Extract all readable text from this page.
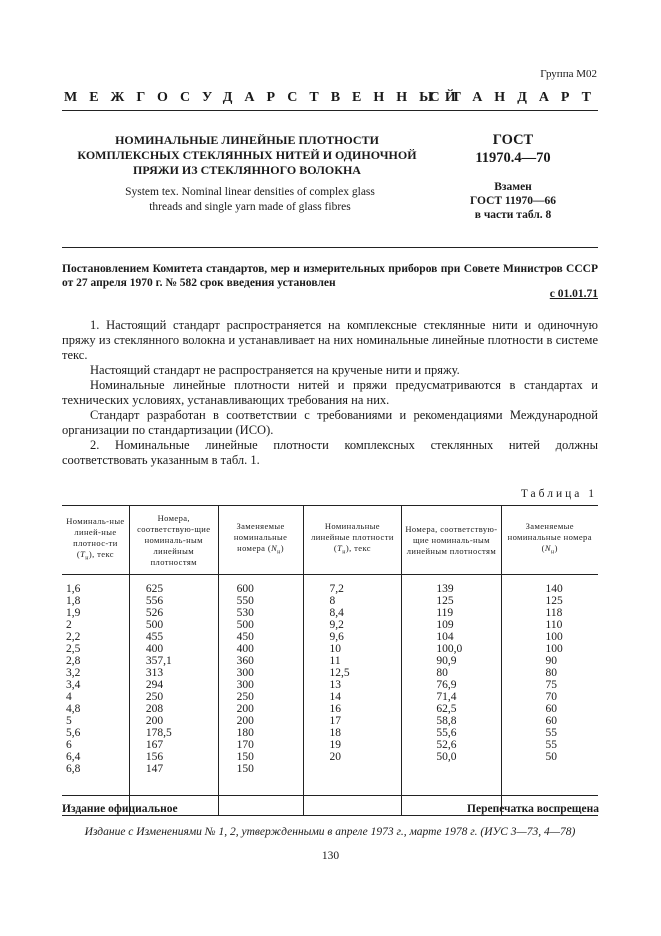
Группа М02
МЕЖГОСУДАРСТВЕННЫЙ
СТАНДАРТ
НОМИНАЛЬНЫЕ ЛИНЕЙНЫЕ ПЛОТНОСТИ
КОМПЛЕКСНЫХ СТЕКЛЯННЫХ НИТЕЙ И ОДИНОЧНОЙ
ПРЯЖИ ИЗ СТЕКЛЯННОГО ВОЛОКНА
System tex. Nominal linear densities of complex glass
threads and single yarn made of glass fibres
ГОСТ
11970.4—70
Взамен
ГОСТ 11970—66
в части табл. 8
Постановлением Комитета стандартов, мер и измерительных приборов при Совете Министров СССР от 27 апреля 1970 г. № 582 срок введения установлен
с 01.01.71

1. Настоящий стандарт распространяется на комплексные стеклянные нити и одиночную пряжу из стеклянного волокна и устанавливает на них номинальные линейные плотности в системе текс.

Настоящий стандарт не распространяется на крученые нити и пряжу.

Номинальные линейные плотности нитей и пряжи предусматриваются в стандартах и технических условиях, устанавливающих требования на них.

Стандарт разработан в соответствии с требованиями и рекомендациями Международной организации по стандартизации (ИСО).

2. Номинальные линейные плотности комплексных стеклянных нитей должны соответствовать указанным в табл. 1.

Таблица 1
Номиналь-ные линей-ные плотнос-ти $(T_н)$, текс	Номера, соответствую-щие номиналь-ным линейным плотностям	Заменяемые номинальные номера $(N_н)$	Номинальные линейные плотности $(T_н)$, текс	Номера, соответствую-щие номиналь-ным линейным плотностям	Заменяемые номинальные номера $(N_н)$

1,6	625	600	7,2	139	140
1,8	556	550	8	125	125
1,9	526	530	8,4	119	118
2	500	500	9,2	109	110
2,2	455	450	9,6	104	100
2,5	400	400	10	100,0	100
2,8	357,1	360	11	90,9	90
3,2	313	300	12,5	80	80
3,4	294	300	13	76,9	75
4	250	250	14	71,4	70
4,8	208	200	16	62,5	60
5	200	200	17	58,8	60
5,6	178,5	180	18	55,6	55
6	167	170	19	52,6	55
6,4	156	150	20	50,0	50
6,8	147	150			

Издание официальное	Перепечатка воспрещена
Издание с Изменениями № 1, 2, утвержденными в апреле 1973 г., марте 1978 г. (ИУС 3—73, 4—78)
130
